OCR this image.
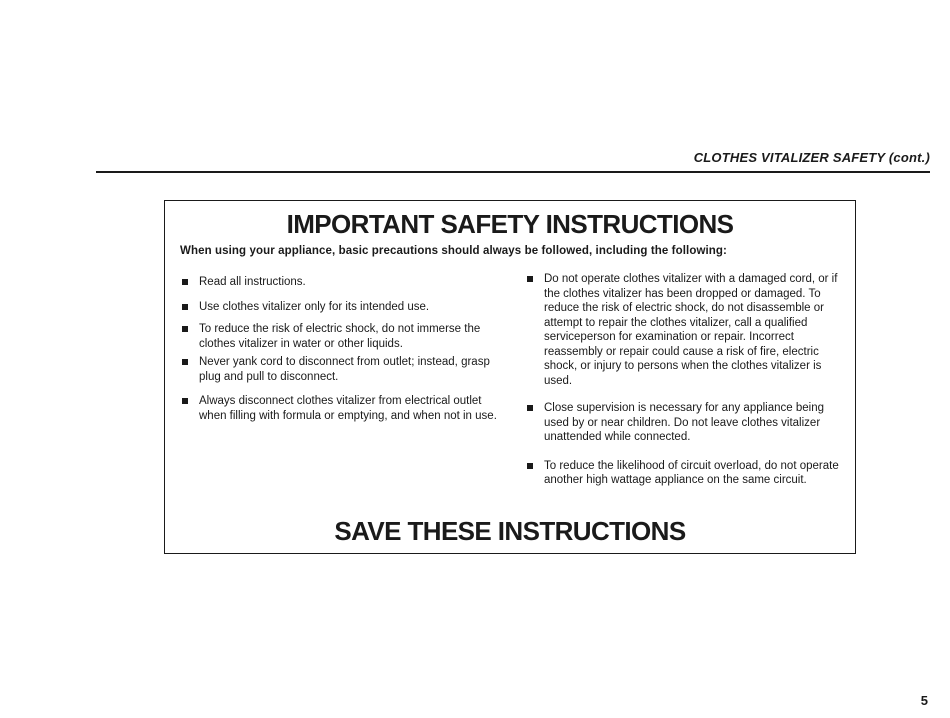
CLOTHES VITALIZER SAFETY (cont.)
IMPORTANT SAFETY INSTRUCTIONS
When using your appliance, basic precautions should always be followed, including the following:
Read all instructions.
Use clothes vitalizer only for its intended use.
To reduce the risk of electric shock, do not immerse the clothes vitalizer in water or other liquids.
Never yank cord to disconnect from outlet; instead, grasp plug and pull to disconnect.
Always disconnect clothes vitalizer from electrical outlet when filling with formula or emptying, and when not in use.
Do not operate clothes vitalizer with a damaged cord, or if the clothes vitalizer has been dropped or damaged. To reduce the risk of electric shock, do not disassemble or attempt to repair the clothes vitalizer, call a qualified serviceperson for examination or repair. Incorrect reassembly or repair could cause a risk of fire, electric shock, or injury to persons when the clothes vitalizer is used.
Close supervision is necessary for any appliance being used by or near children. Do not leave clothes vitalizer unattended while connected.
To reduce the likelihood of circuit overload, do not operate another high wattage appliance on the same circuit.
SAVE THESE INSTRUCTIONS
5
